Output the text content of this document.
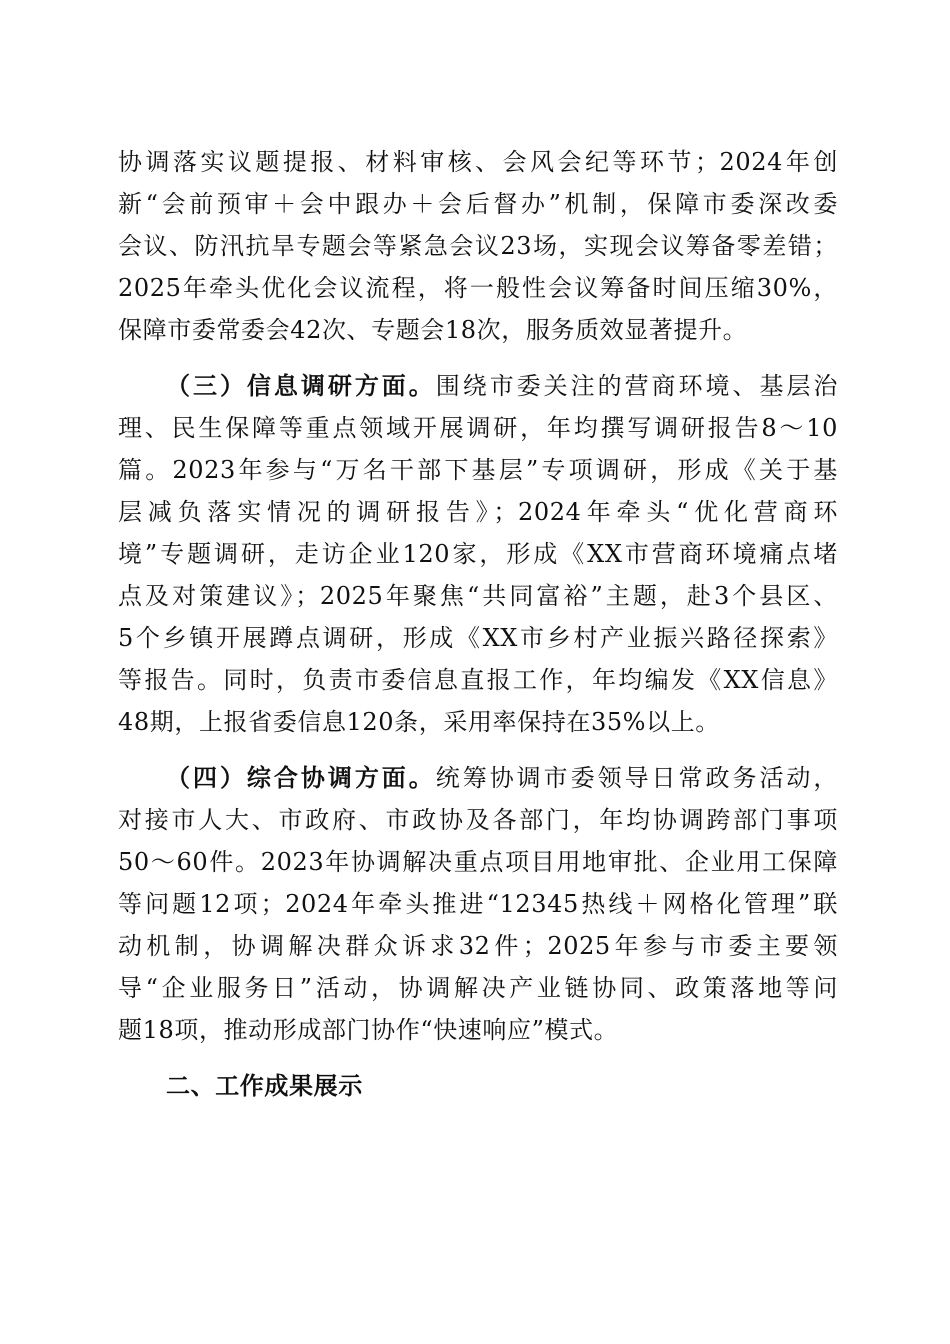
协调落实议题提报、材料审核、会风会纪等环节；2024年创
新“会前预审＋会中跟办＋会后督办”机制，保障市委深改委
会议、防汛抗旱专题会等紧急会议23场，实现会议筹备零差错；
2025年牵头优化会议流程，将一般性会议筹备时间压缩30%，
保障市委常委会42次、专题会18次，服务质效显著提升。
（三）信息调研方面。围绕市委关注的营商环境、基层治
理、民生保障等重点领域开展调研，年均撰写调研报告8～10
篇。2023年参与“万名干部下基层”专项调研，形成《关于基
层减负落实情况的调研报告》；2024年牵头“优化营商环
境”专题调研，走访企业120家，形成《XX市营商环境痛点堵
点及对策建议》；2025年聚焦“共同富裕”主题，赴3个县区、
5个乡镇开展蹲点调研，形成《XX市乡村产业振兴路径探索》
等报告。同时，负责市委信息直报工作，年均编发《XX信息》
48期，上报省委信息120条，采用率保持在35%以上。
（四）综合协调方面。统筹协调市委领导日常政务活动，
对接市人大、市政府、市政协及各部门，年均协调跨部门事项
50～60件。2023年协调解决重点项目用地审批、企业用工保障
等问题12项；2024年牵头推进“12345热线＋网格化管理”联
动机制，协调解决群众诉求32件；2025年参与市委主要领
导“企业服务日”活动，协调解决产业链协同、政策落地等问
题18项，推动形成部门协作“快速响应”模式。
二、工作成果展示
